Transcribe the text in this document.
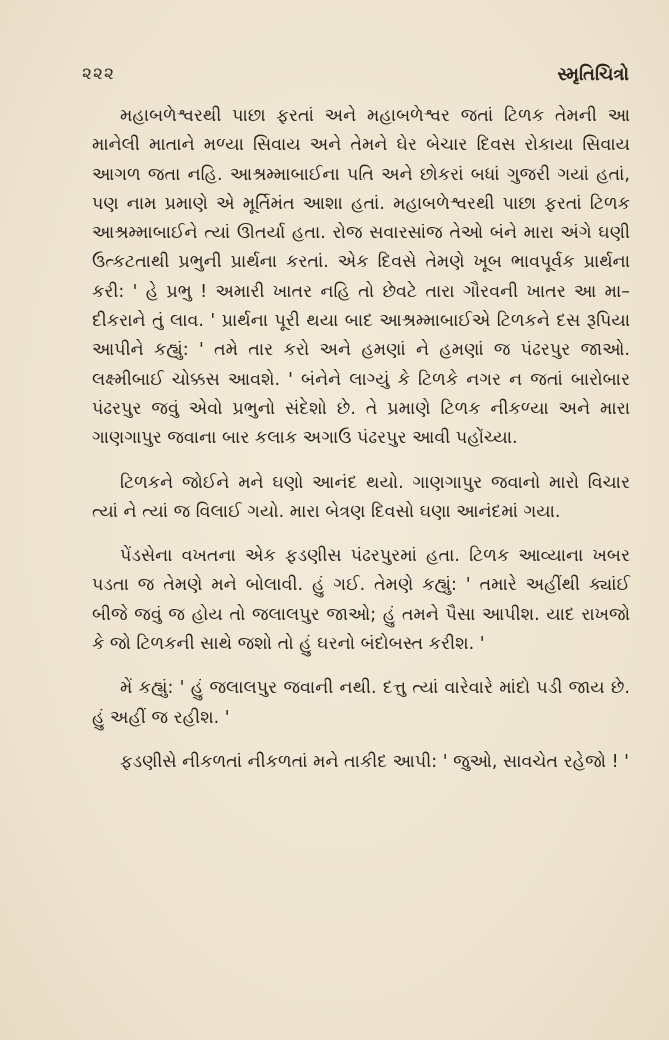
૨૨૨	સ્મૃતિચિત્રો

મહાબળેશ્વરથી પાછા ફરતાં અને મહાબળેશ્વર જતાં ટિળક તેમની આ માનેલી માતાને મળ્યા સિવાય અને તેમને ઘેર બેચાર દિવસ રોકાયા સિવાય આગળ જતા નહિ. આશ્રમ્માબાઈના પતિ અને છોકરાં બધાં ગુજરી ગયાં હતાં, પણ નામ પ્રમાણે એ મૂર્તિમંત આશા હતાં. મહાબળેશ્વરથી પાછા ફરતાં ટિળક આશ્રમ્માબાઈને ત્યાં ઊતર્યા હતા. રોજ સવારસાંજ તેઓ બંને મારા અંગે ઘણી ઉત્કટતાથી પ્રભુની પ્રાર્થના કરતાં. એક દિવસે તેમણે ખૂબ ભાવપૂર્વક પ્રાર્થના કરી: ' હે પ્રભુ ! અમારી ખાતર નહિ તો છેવટે તારા ગૌરવની ખાતર આ મા–દીકરાને તું લાવ. ' પ્રાર્થના પૂરી થયા બાદ આશ્રમ્માબાઈએ ટિળકને દસ રૂપિયા આપીને કહ્યું: ' તમે તાર કરો અને હમણાં ને હમણાં જ પંઢરપુર જાઓ. લક્ષ્મીબાઈ ચોક્કસ આવશે. ' બંનેને લાગ્યું કે ટિળકે નગર ન જતાં બારોબાર પંઢરપુર જવું એવો પ્રભુનો સંદેશો છે. તે પ્રમાણે ટિળક નીકળ્યા અને મારા ગાણગાપુર જવાના બાર કલાક અગાઉ પંઢરપુર આવી પહોંચ્યા.

ટિળકને જોઈને મને ઘણો આનંદ થયો. ગાણગાપુર જવાનો મારો વિચાર ત્યાં ને ત્યાં જ વિલાઈ ગયો. મારા બેત્રણ દિવસો ઘણા આનંદમાં ગયા.

પેંડસેના વખતના એક ફડણીસ પંઢરપુરમાં હતા. ટિળક આવ્યાના ખબર પડતા જ તેમણે મને બોલાવી. હું ગઈ. તેમણે કહ્યું: ' તમારે અહીંથી ક્યાંઈ બીજે જવું જ હોય તો જલાલપુર જાઓ; હું તમને પૈસા આપીશ. યાદ રાખજો કે જો ટિળકની સાથે જશો તો હું ઘરનો બંદોબસ્ત કરીશ. '

મેં કહ્યું: ' હું જલાલપુર જવાની નથી. દત્તુ ત્યાં વારેવારે માંદો પડી જાય છે. હું અહીં જ રહીશ. '

ફડણીસે નીકળતાં નીકળતાં મને તાકીદ આપી: ' જુઓ, સાવચેત રહેજો ! '
